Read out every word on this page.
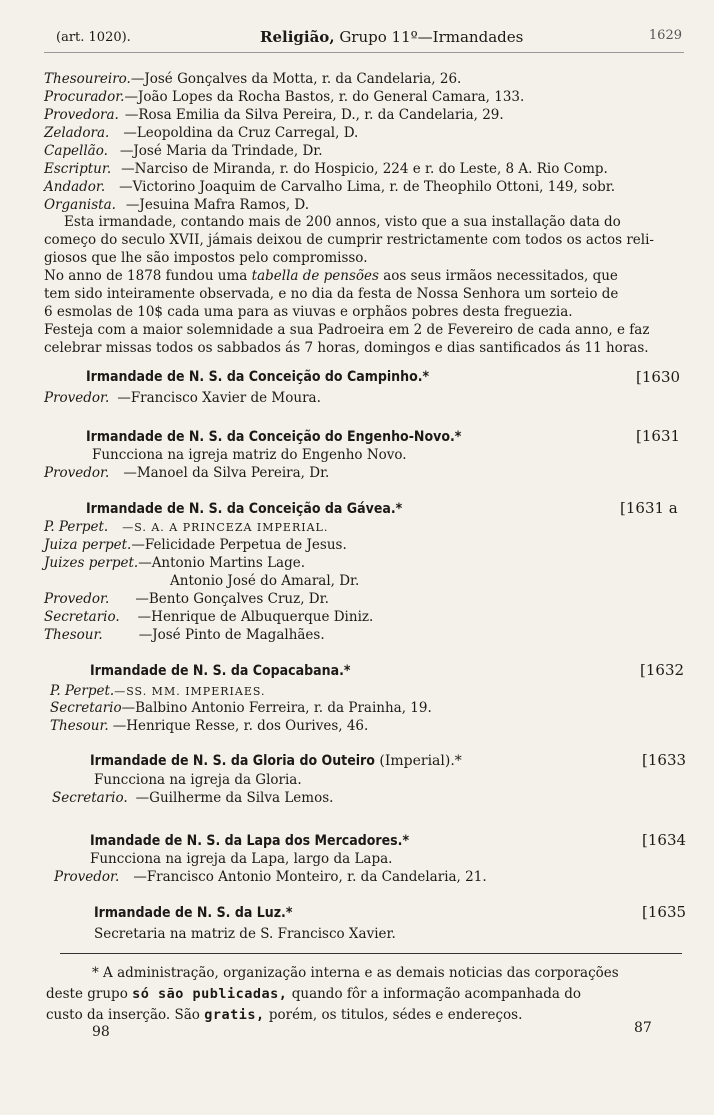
(art. 1020).	Religião, Grupo 11º—Irmandades	1629
Thesoureiro.—José Gonçalves da Motta, r. da Candelaria, 26.
Procurador.—João Lopes da Rocha Bastos, r. do General Camara, 133.
Provedora. —Rosa Emilia da Silva Pereira, D., r. da Candelaria, 29.
Zeladora. —Leopoldina da Cruz Carregal, D.
Capellão. —José Maria da Trindade, Dr.
Escriptur. —Narciso de Miranda, r. do Hospicio, 224 e r. do Leste, 8 A. Rio Comp.
Andador. —Victorino Joaquim de Carvalho Lima, r. de Theophilo Ottoni, 149, sobr.
Organista. —Jesuina Mafra Ramos, D.
Esta irmandade, contando mais de 200 annos, visto que a sua installação data do
começo do seculo XVII, jámais deixou de cumprir restrictamente com todos os actos reli-
giosos que lhe são impostos pelo compromisso.
No anno de 1878 fundou uma tabella de pensões aos seus irmãos necessitados, que
tem sido inteiramente observada, e no dia da festa de Nossa Senhora um sorteio de
6 esmolas de 10$ cada uma para as viuvas e orphãos pobres desta freguezia.
Festeja com a maior solemnidade a sua Padroeira em 2 de Fevereiro de cada anno, e faz
celebrar missas todos os sabbados ás 7 horas, domingos e dias santificados ás 11 horas.
Irmandade de N. S. da Conceição do Campinho.*	[1630
Provedor. —Francisco Xavier de Moura.
Irmandade de N. S. da Conceição do Engenho-Novo.*	[1631
Funcciona na igreja matriz do Engenho Novo.
Provedor. —Manoel da Silva Pereira, Dr.
Irmandade de N. S. da Conceição da Gávea.*	[1631 a
P. Perpet. —S. A. A PRINCEZA IMPERIAL.
Juiza perpet.—Felicidade Perpetua de Jesus.
Juizes perpet.—Antonio Martins Lage.
Antonio José do Amaral, Dr.
Provedor. —Bento Gonçalves Cruz, Dr.
Secretario. —Henrique de Albuquerque Diniz.
Thesour.	—José Pinto de Magalhães.
Irmandade de N. S. da Copacabana.*	[1632
P. Perpet.—SS. MM. IMPERIAES.
Secretario—Balbino Antonio Ferreira, r. da Prainha, 19.
Thesour. —Henrique Resse, r. dos Ourives, 46.
Irmandade de N. S. da Gloria do Outeiro (Imperial).*	[1633
Funcciona na igreja da Gloria.
Secretario. —Guilherme da Silva Lemos.
Imandade de N. S. da Lapa dos Mercadores.*	[1634
Funcciona na igreja da Lapa, largo da Lapa.
Provedor. —Francisco Antonio Monteiro, r. da Candelaria, 21.
Irmandade de N. S. da Luz.*	[1635
Secretaria na matriz de S. Francisco Xavier.
* A administração, organização interna e as demais noticias das corporações
deste grupo só são publicadas, quando fôr a informação acompanhada do
custo da inserção. São gratis, porém, os titulos, sédes e endereços.
98	87
